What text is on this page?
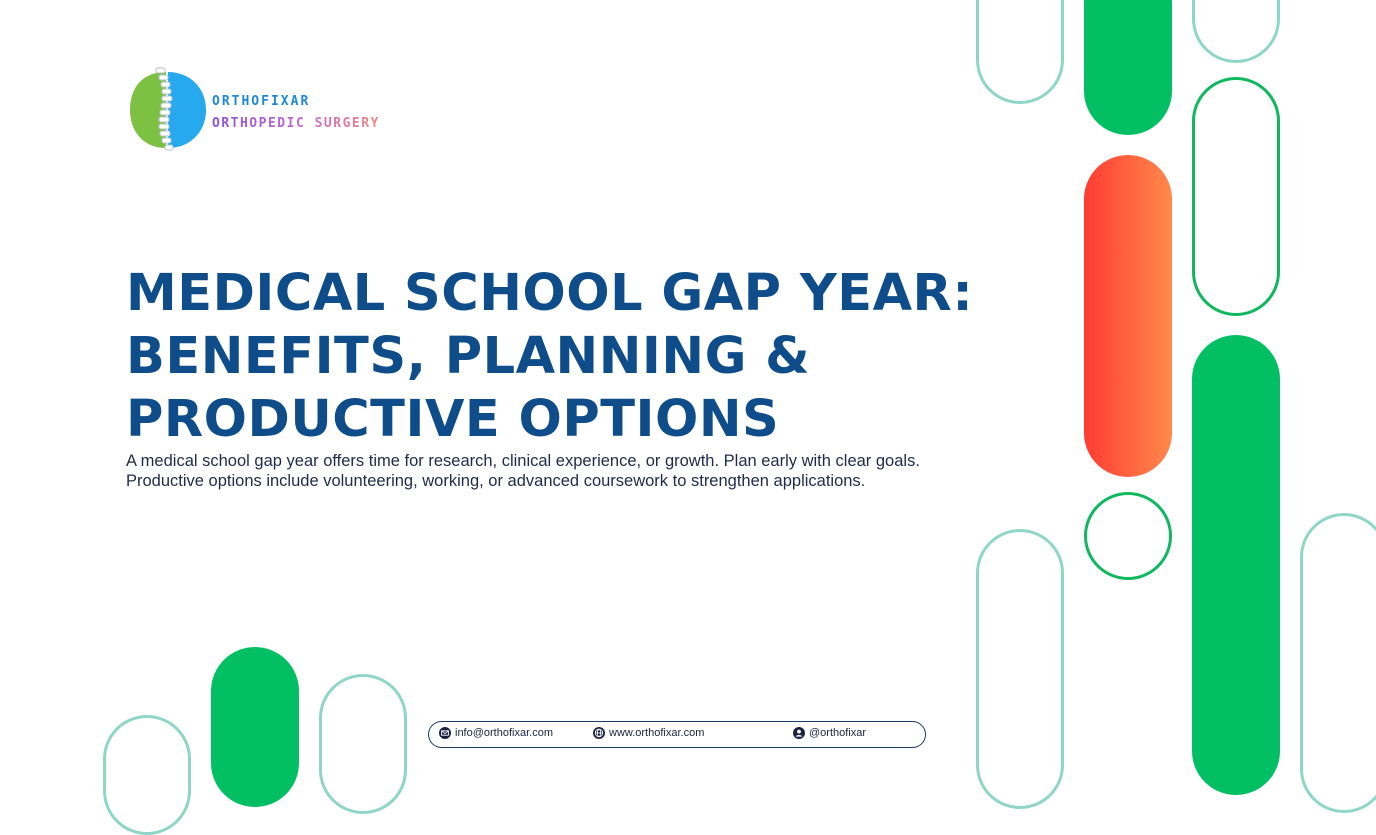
ORTHOFIXAR
ORTHOPEDIC SURGERY
MEDICAL SCHOOL GAP YEAR: BENEFITS, PLANNING & PRODUCTIVE OPTIONS

A medical school gap year offers time for research, clinical experience, or growth. Plan early with clear goals. Productive options include volunteering, working, or advanced coursework to strengthen applications.

info@orthofixar.com	www.orthofixar.com	@orthofixar
